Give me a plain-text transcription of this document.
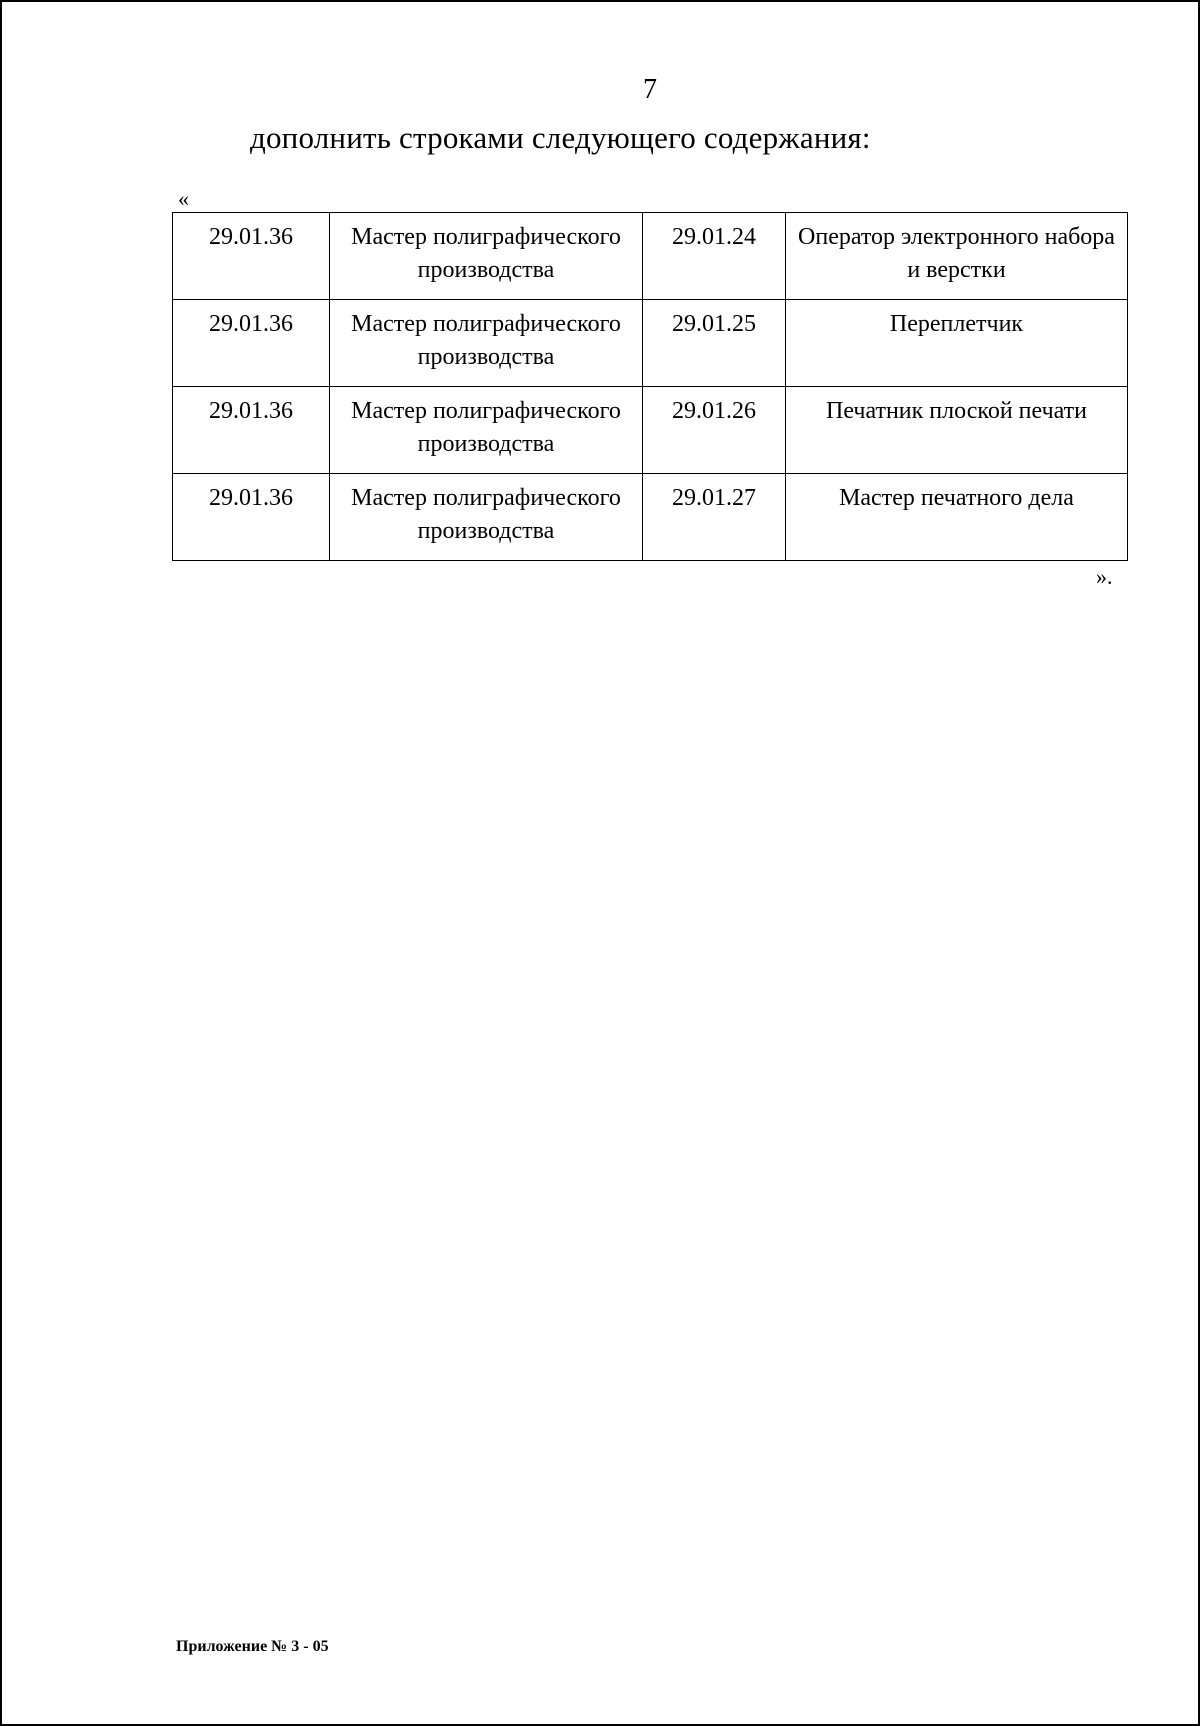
7
дополнить строками следующего содержания:
«
29.01.36	Мастер полиграфического производства	29.01.24	Оператор электронного набора и верстки
29.01.36	Мастер полиграфического производства	29.01.25	Переплетчик
29.01.36	Мастер полиграфического производства	29.01.26	Печатник плоской печати
29.01.36	Мастер полиграфического производства	29.01.27	Мастер печатного дела
».
Приложение № 3 - 05
